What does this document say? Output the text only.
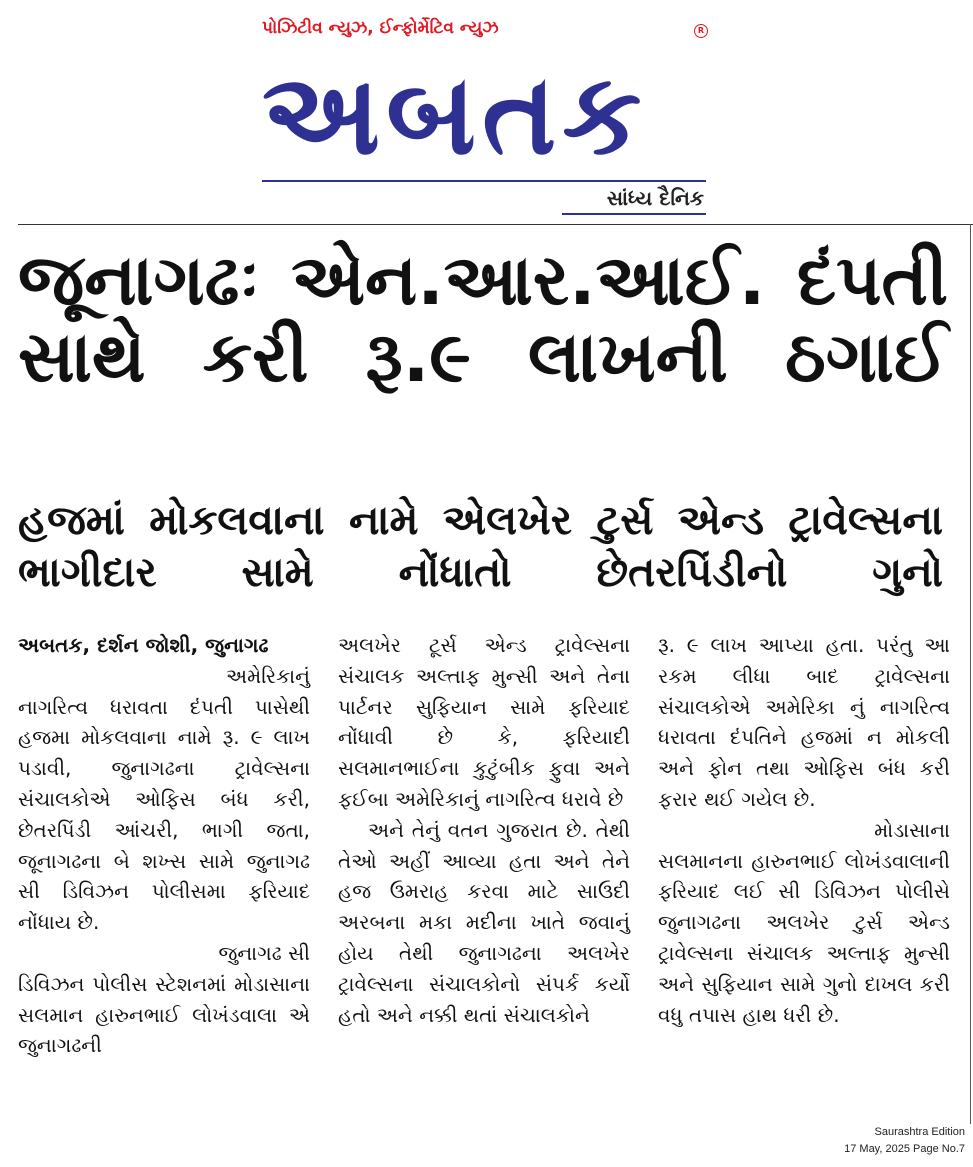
પોઝિટીવ ન્યુઝ, ઈન્ફોર્મેટિવ ન્યુઝ	R
અબતક
સાંધ્ય દૈનિક
જૂનાગઢઃ એન.આર.આઈ. દંપતી
સાથે કરી રૂ.૯ લાખની ઠગાઈ
હજમાં મોકલવાના નામે એલખેર ટુર્સ એન્ડ ટ્રાવેલ્સના
ભાગીદાર સામે નોંધાતો છેતરપિંડીનો ગુનો
અબતક, દર્શન જોશી, જુનાગઢ
અમેરિકાનું

નાગરિત્વ ધરાવતા દંપતી પાસેથી હજમા મોકલવાના નામે રૂ. ૯ લાખ પડાવી, જુનાગઢના ટ્રાવેલ્સના સંચાલકોએ ઓફિસ બંધ કરી, છેતરપિંડી આંચરી, ભાગી જતા, જૂનાગઢના બે શખ્સ સામે જુનાગઢ સી ડિવિઝન પોલીસમા ફરિયાદ નોંધાય છે.

જુનાગઢ સી

ડિવિઝન પોલીસ સ્ટેશનમાં મોડાસાના સલમાન હારુનભાઈ લોખંડવાલા એ જુનાગઢની

અલખેર ટૂર્સ એન્ડ ટ્રાવેલ્સના સંચાલક અલ્તાફ મુન્સી અને તેના પાર્ટનર સુફિયાન સામે ફરિયાદ નોંધાવી છે કે, ફરિયાદી સલમાનભાઈના કુટુંબીક ફુવા અને ફઈબા અમેરિકાનું નાગરિત્વ ધરાવે છે

અને તેનું વતન ગુજરાત છે. તેથી તેઓ અહીં આવ્યા હતા અને તેને હજ ઉમરાહ કરવા માટે સાઉદી અરબના મકા મદીના ખાતે જવાનું હોય તેથી જુનાગઢના અલખેર ટ્રાવેલ્સના સંચાલકોનો સંપર્ક કર્યો હતો અને નક્કી થતાં સંચાલકોને

રૂ. ૯ લાખ આપ્યા હતા. પરંતુ આ રકમ લીધા બાદ ટ્રાવેલ્સના સંચાલકોએ અમેરિકા નું નાગરિત્વ ધરાવતા દંપતિને હજમાં ન મોકલી અને ફોન તથા ઓફિસ બંધ કરી ફરાર થઈ ગયેલ છે.

મોડાસાના

સલમાનના હારુનભાઈ લોખંડવાલાની ફરિયાદ લઈ સી ડિવિઝન પોલીસે જુનાગઢના અલખેર ટુર્સ એન્ડ ટ્રાવેલ્સના સંચાલક અલ્તાફ મુન્સી અને સુફિયાન સામે ગુનો દાખલ કરી વધુ તપાસ હાથ ધરી છે.

Saurashtra Edition
17 May, 2025 Page No.7
